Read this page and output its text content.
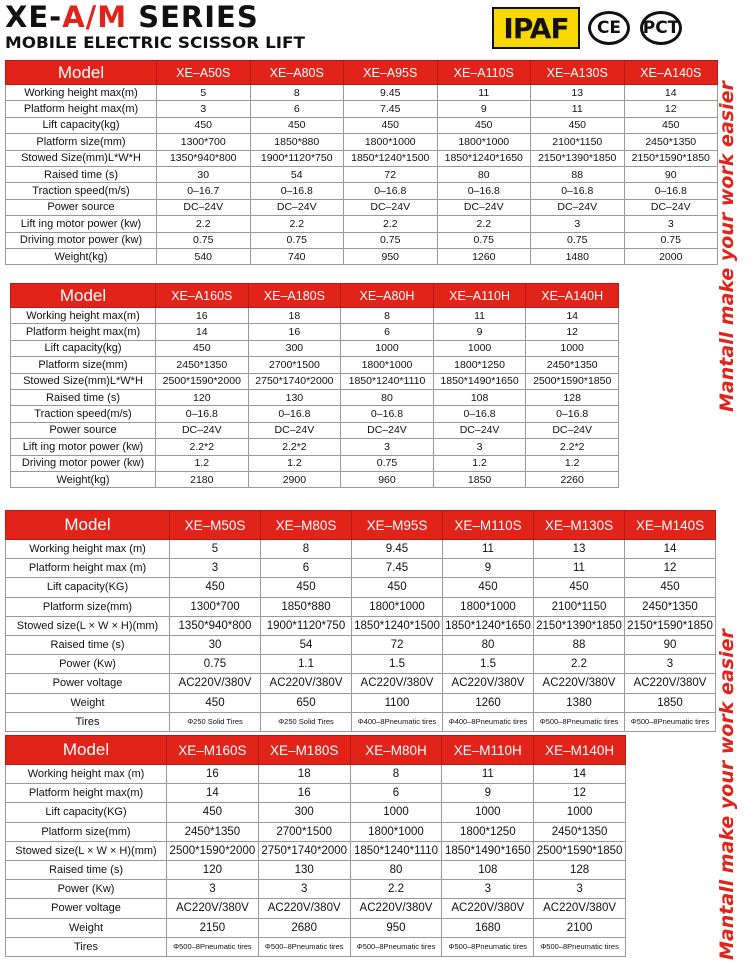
XE-A/M SERIES
MOBILE ELECTRIC SCISSOR LIFT	IPAF	CE	PCT
Model	XE–A50S	XE–A80S	XE–A95S	XE–A110S	XE–A130S	XE–A140S
Working height max(m)	5	8	9.45	11	13	14
Platform height max(m)	3	6	7.45	9	11	12
Lift capacity(kg)	450	450	450	450	450	450
Platform size(mm)	1300*700	1850*880	1800*1000	1800*1000	2100*1150	2450*1350
Stowed Size(mm)L*W*H	1350*940*800	1900*1120*750	1850*1240*1500	1850*1240*1650	2150*1390*1850	2150*1590*1850
Raised time (s)	30	54	72	80	88	90
Traction speed(m/s)	0–16.7	0–16.8	0–16.8	0–16.8	0–16.8	0–16.8
Power source	DC–24V	DC–24V	DC–24V	DC–24V	DC–24V	DC–24V
Lift ing motor power (kw)	2.2	2.2	2.2	2.2	3	3
Driving motor power (kw)	0.75	0.75	0.75	0.75	0.75	0.75
Weight(kg)	540	740	950	1260	1480	2000
Model	XE–A160S	XE–A180S	XE–A80H	XE–A110H	XE–A140H
Working height max(m)	16	18	8	11	14
Platform height max(m)	14	16	6	9	12
Lift capacity(kg)	450	300	1000	1000	1000
Platform size(mm)	2450*1350	2700*1500	1800*1000	1800*1250	2450*1350
Stowed Size(mm)L*W*H	2500*1590*2000	2750*1740*2000	1850*1240*1110	1850*1490*1650	2500*1590*1850
Raised time (s)	120	130	80	108	128
Traction speed(m/s)	0–16.8	0–16.8	0–16.8	0–16.8	0–16.8
Power source	DC–24V	DC–24V	DC–24V	DC–24V	DC–24V
Lift ing motor power (kw)	2.2*2	2.2*2	3	3	2.2*2
Driving motor power (kw)	1.2	1.2	0.75	1.2	1.2
Weight(kg)	2180	2900	960	1850	2260
Model	XE–M50S	XE–M80S	XE–M95S	XE–M110S	XE–M130S	XE–M140S
Working height max (m)	5	8	9.45	11	13	14
Platform height max (m)	3	6	7.45	9	11	12
Lift capacity(KG)	450	450	450	450	450	450
Platform size(mm)	1300*700	1850*880	1800*1000	1800*1000	2100*1150	2450*1350
Stowed size(L × W × H)(mm)	1350*940*800	1900*1120*750	1850*1240*1500	1850*1240*1650	2150*1390*1850	2150*1590*1850
Raised time (s)	30	54	72	80	88	90
Power (Kw)	0.75	1.1	1.5	1.5	2.2	3
Power voltage	AC220V/380V	AC220V/380V	AC220V/380V	AC220V/380V	AC220V/380V	AC220V/380V
Weight	450	650	1100	1260	1380	1850
Tires	Φ250 Solid Tires	Φ250 Solid Tires	Φ400–8Pneumatic tires	Φ400–8Pneumatic tires	Φ500–8Pneumatic tires	Φ500–8Pneumatic tires
Model	XE–M160S	XE–M180S	XE–M80H	XE–M110H	XE–M140H
Working height max (m)	16	18	8	11	14
Platform height max(m)	14	16	6	9	12
Lift capacity(KG)	450	300	1000	1000	1000
Platform size(mm)	2450*1350	2700*1500	1800*1000	1800*1250	2450*1350
Stowed size(L × W × H)(mm)	2500*1590*2000	2750*1740*2000	1850*1240*1110	1850*1490*1650	2500*1590*1850
Raised time (s)	120	130	80	108	128
Power (Kw)	3	3	2.2	3	3
Power voltage	AC220V/380V	AC220V/380V	AC220V/380V	AC220V/380V	AC220V/380V
Weight	2150	2680	950	1680	2100
Tires	Φ500–8Pneumatic tires	Φ500–8Pneumatic tires	Φ500–8Pneumatic tires	Φ500–8Pneumatic tires	Φ500–8Pneumatic tires
Mantall make your work easier
Mantall make your work easier
